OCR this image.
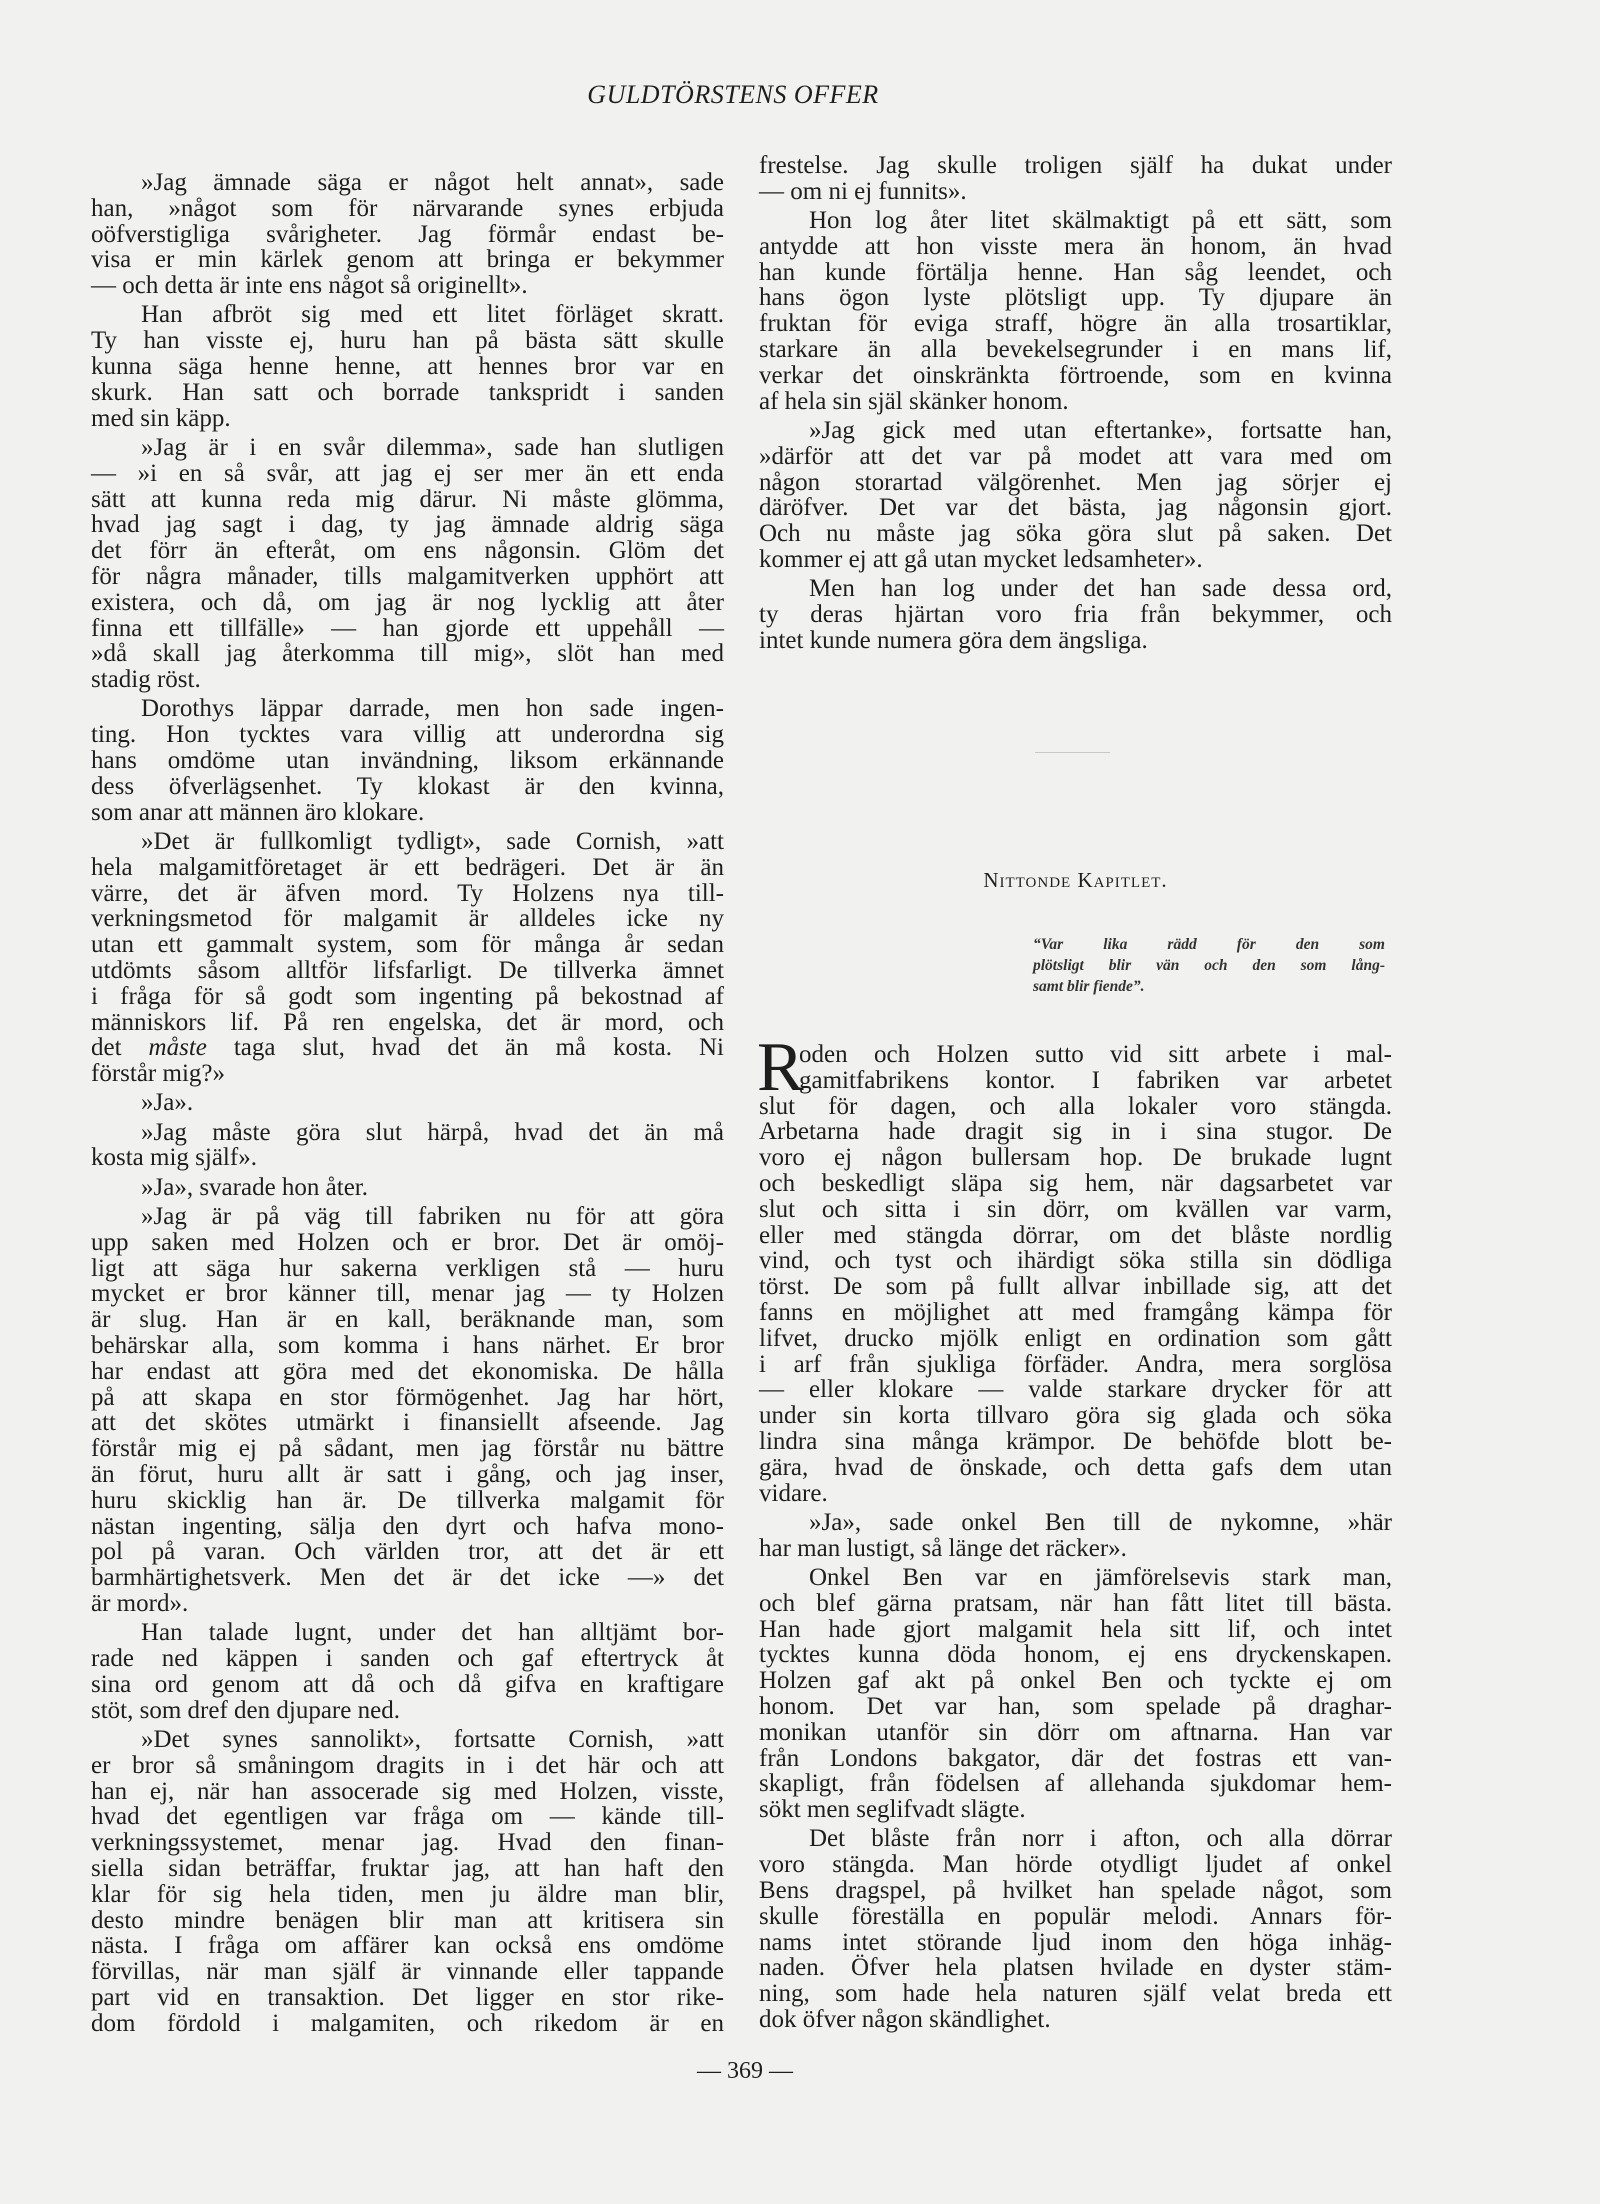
GULDTÖRSTENS OFFER
»Jag ämnade säga er något helt annat», sade
han, »något som för närvarande synes erbjuda
oöfverstigliga svårigheter. Jag förmår endast be-
visa er min kärlek genom att bringa er bekymmer
— och detta är inte ens något så originellt».
Han afbröt sig med ett litet förläget skratt.
Ty han visste ej, huru han på bästa sätt skulle
kunna säga henne henne, att hennes bror var en
skurk. Han satt och borrade tankspridt i sanden
med sin käpp.
»Jag är i en svår dilemma», sade han slutligen
— »i en så svår, att jag ej ser mer än ett enda
sätt att kunna reda mig därur. Ni måste glömma,
hvad jag sagt i dag, ty jag ämnade aldrig säga
det förr än efteråt, om ens någonsin. Glöm det
för några månader, tills malgamitverken upphört att
existera, och då, om jag är nog lycklig att åter
finna ett tillfälle» — han gjorde ett uppehåll —
»då skall jag återkomma till mig», slöt han med
stadig röst.
Dorothys läppar darrade, men hon sade ingen-
ting. Hon tycktes vara villig att underordna sig
hans omdöme utan invändning, liksom erkännande
dess öfverlägsenhet. Ty klokast är den kvinna,
som anar att männen äro klokare.
»Det är fullkomligt tydligt», sade Cornish, »att
hela malgamitföretaget är ett bedrägeri. Det är än
värre, det är äfven mord. Ty Holzens nya till-
verkningsmetod för malgamit är alldeles icke ny
utan ett gammalt system, som för många år sedan
utdömts såsom alltför lifsfarligt. De tillverka ämnet
i fråga för så godt som ingenting på bekostnad af
människors lif. På ren engelska, det är mord, och
det måste taga slut, hvad det än må kosta. Ni
förstår mig?»
»Ja».
»Jag måste göra slut härpå, hvad det än må
kosta mig själf».
»Ja», svarade hon åter.
»Jag är på väg till fabriken nu för att göra
upp saken med Holzen och er bror. Det är omöj-
ligt att säga hur sakerna verkligen stå — huru
mycket er bror känner till, menar jag — ty Holzen
är slug. Han är en kall, beräknande man, som
behärskar alla, som komma i hans närhet. Er bror
har endast att göra med det ekonomiska. De hålla
på att skapa en stor förmögenhet. Jag har hört,
att det skötes utmärkt i finansiellt afseende. Jag
förstår mig ej på sådant, men jag förstår nu bättre
än förut, huru allt är satt i gång, och jag inser,
huru skicklig han är. De tillverka malgamit för
nästan ingenting, sälja den dyrt och hafva mono-
pol på varan. Och världen tror, att det är ett
barmhärtighetsverk. Men det är det icke —» det
är mord».
Han talade lugnt, under det han alltjämt bor-
rade ned käppen i sanden och gaf eftertryck åt
sina ord genom att då och då gifva en kraftigare
stöt, som dref den djupare ned.
»Det synes sannolikt», fortsatte Cornish, »att
er bror så småningom dragits in i det här och att
han ej, när han assocerade sig med Holzen, visste,
hvad det egentligen var fråga om — kände till-
verkningssystemet, menar jag. Hvad den finan-
siella sidan beträffar, fruktar jag, att han haft den
klar för sig hela tiden, men ju äldre man blir,
desto mindre benägen blir man att kritisera sin
nästa. I fråga om affärer kan också ens omdöme
förvillas, när man själf är vinnande eller tappande
part vid en transaktion. Det ligger en stor rike-
dom fördold i malgamiten, och rikedom är en
frestelse. Jag skulle troligen själf ha dukat under
— om ni ej funnits».
Hon log åter litet skälmaktigt på ett sätt, som
antydde att hon visste mera än honom, än hvad
han kunde förtälja henne. Han såg leendet, och
hans ögon lyste plötsligt upp. Ty djupare än
fruktan för eviga straff, högre än alla trosartiklar,
starkare än alla bevekelsegrunder i en mans lif,
verkar det oinskränkta förtroende, som en kvinna
af hela sin själ skänker honom.
»Jag gick med utan eftertanke», fortsatte han,
»därför att det var på modet att vara med om
någon storartad välgörenhet. Men jag sörjer ej
däröfver. Det var det bästa, jag någonsin gjort.
Och nu måste jag söka göra slut på saken. Det
kommer ej att gå utan mycket ledsamheter».
Men han log under det han sade dessa ord,
ty deras hjärtan voro fria från bekymmer, och
intet kunde numera göra dem ängsliga.
Nittonde Kapitlet.
“Var lika rädd för den som
plötsligt blir vän och den som lång-
samt blir fiende”.
R
oden och Holzen sutto vid sitt arbete i mal-
gamitfabrikens kontor. I fabriken var arbetet
slut för dagen, och alla lokaler voro stängda.
Arbetarna hade dragit sig in i sina stugor. De
voro ej någon bullersam hop. De brukade lugnt
och beskedligt släpa sig hem, när dagsarbetet var
slut och sitta i sin dörr, om kvällen var varm,
eller med stängda dörrar, om det blåste nordlig
vind, och tyst och ihärdigt söka stilla sin dödliga
törst. De som på fullt allvar inbillade sig, att det
fanns en möjlighet att med framgång kämpa för
lifvet, drucko mjölk enligt en ordination som gått
i arf från sjukliga förfäder. Andra, mera sorglösa
— eller klokare — valde starkare drycker för att
under sin korta tillvaro göra sig glada och söka
lindra sina många krämpor. De behöfde blott be-
gära, hvad de önskade, och detta gafs dem utan
vidare.
»Ja», sade onkel Ben till de nykomne, »här
har man lustigt, så länge det räcker».
Onkel Ben var en jämförelsevis stark man,
och blef gärna pratsam, när han fått litet till bästa.
Han hade gjort malgamit hela sitt lif, och intet
tycktes kunna döda honom, ej ens dryckenskapen.
Holzen gaf akt på onkel Ben och tyckte ej om
honom. Det var han, som spelade på draghar-
monikan utanför sin dörr om aftnarna. Han var
från Londons bakgator, där det fostras ett van-
skapligt, från födelsen af allehanda sjukdomar hem-
sökt men seglifvadt slägte.
Det blåste från norr i afton, och alla dörrar
voro stängda. Man hörde otydligt ljudet af onkel
Bens dragspel, på hvilket han spelade något, som
skulle föreställa en populär melodi. Annars för-
nams intet störande ljud inom den höga inhäg-
naden. Öfver hela platsen hvilade en dyster stäm-
ning, som hade hela naturen själf velat breda ett
dok öfver någon skändlighet.
— 369 —
